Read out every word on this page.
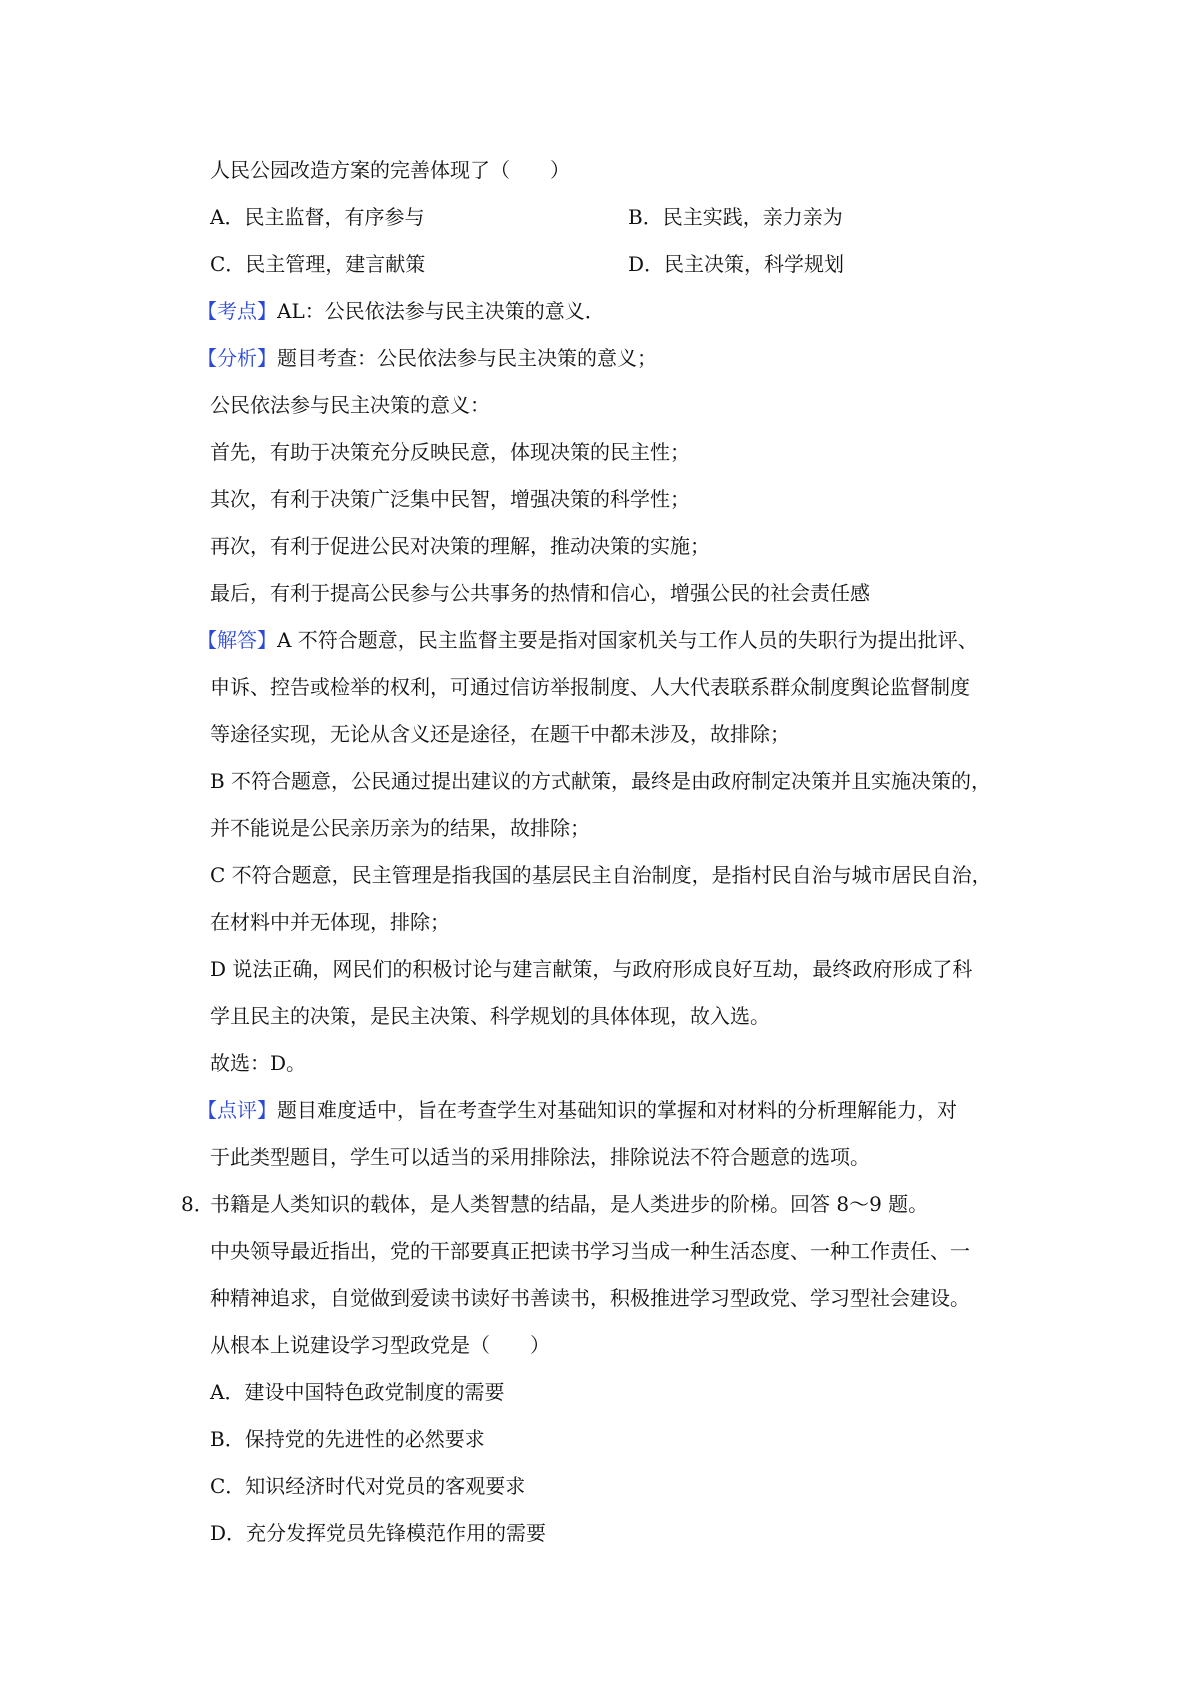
人民公园改造方案的完善体现了（　　）

A．民主监督，有序参与	B．民主实践，亲力亲为

C．民主管理，建言献策	D．民主决策，科学规划

【考点】AL：公民依法参与民主决策的意义．

【分析】题目考查：公民依法参与民主决策的意义；

公民依法参与民主决策的意义：

首先，有助于决策充分反映民意，体现决策的民主性；

其次，有利于决策广泛集中民智，增强决策的科学性；

再次，有利于促进公民对决策的理解，推动决策的实施；

最后，有利于提高公民参与公共事务的热情和信心，增强公民的社会责任感

【解答】A 不符合题意，民主监督主要是指对国家机关与工作人员的失职行为提出批评、

申诉、控告或检举的权利，可通过信访举报制度、人大代表联系群众制度舆论监督制度

等途径实现，无论从含义还是途径，在题干中都未涉及，故排除；

B 不符合题意，公民通过提出建议的方式献策，最终是由政府制定决策并且实施决策的，

并不能说是公民亲历亲为的结果，故排除；

C 不符合题意，民主管理是指我国的基层民主自治制度，是指村民自治与城市居民自治，

在材料中并无体现，排除；

D 说法正确，网民们的积极讨论与建言献策，与政府形成良好互劫，最终政府形成了科

学且民主的决策，是民主决策、科学规划的具体体现，故入选。

故选：D。

【点评】题目难度适中，旨在考查学生对基础知识的掌握和对材料的分析理解能力，对

于此类型题目，学生可以适当的采用排除法，排除说法不符合题意的选项。

8．

书籍是人类知识的载体，是人类智慧的结晶，是人类进步的阶梯。回答 8～9 题。

中央领导最近指出，党的干部要真正把读书学习当成一种生活态度、一种工作责任、一

种精神追求，自觉做到爱读书读好书善读书，积极推进学习型政党、学习型社会建设。

从根本上说建设学习型政党是（　　）

A．建设中国特色政党制度的需要

B．保持党的先进性的必然要求

C．知识经济时代对党员的客观要求

D．充分发挥党员先锋模范作用的需要
